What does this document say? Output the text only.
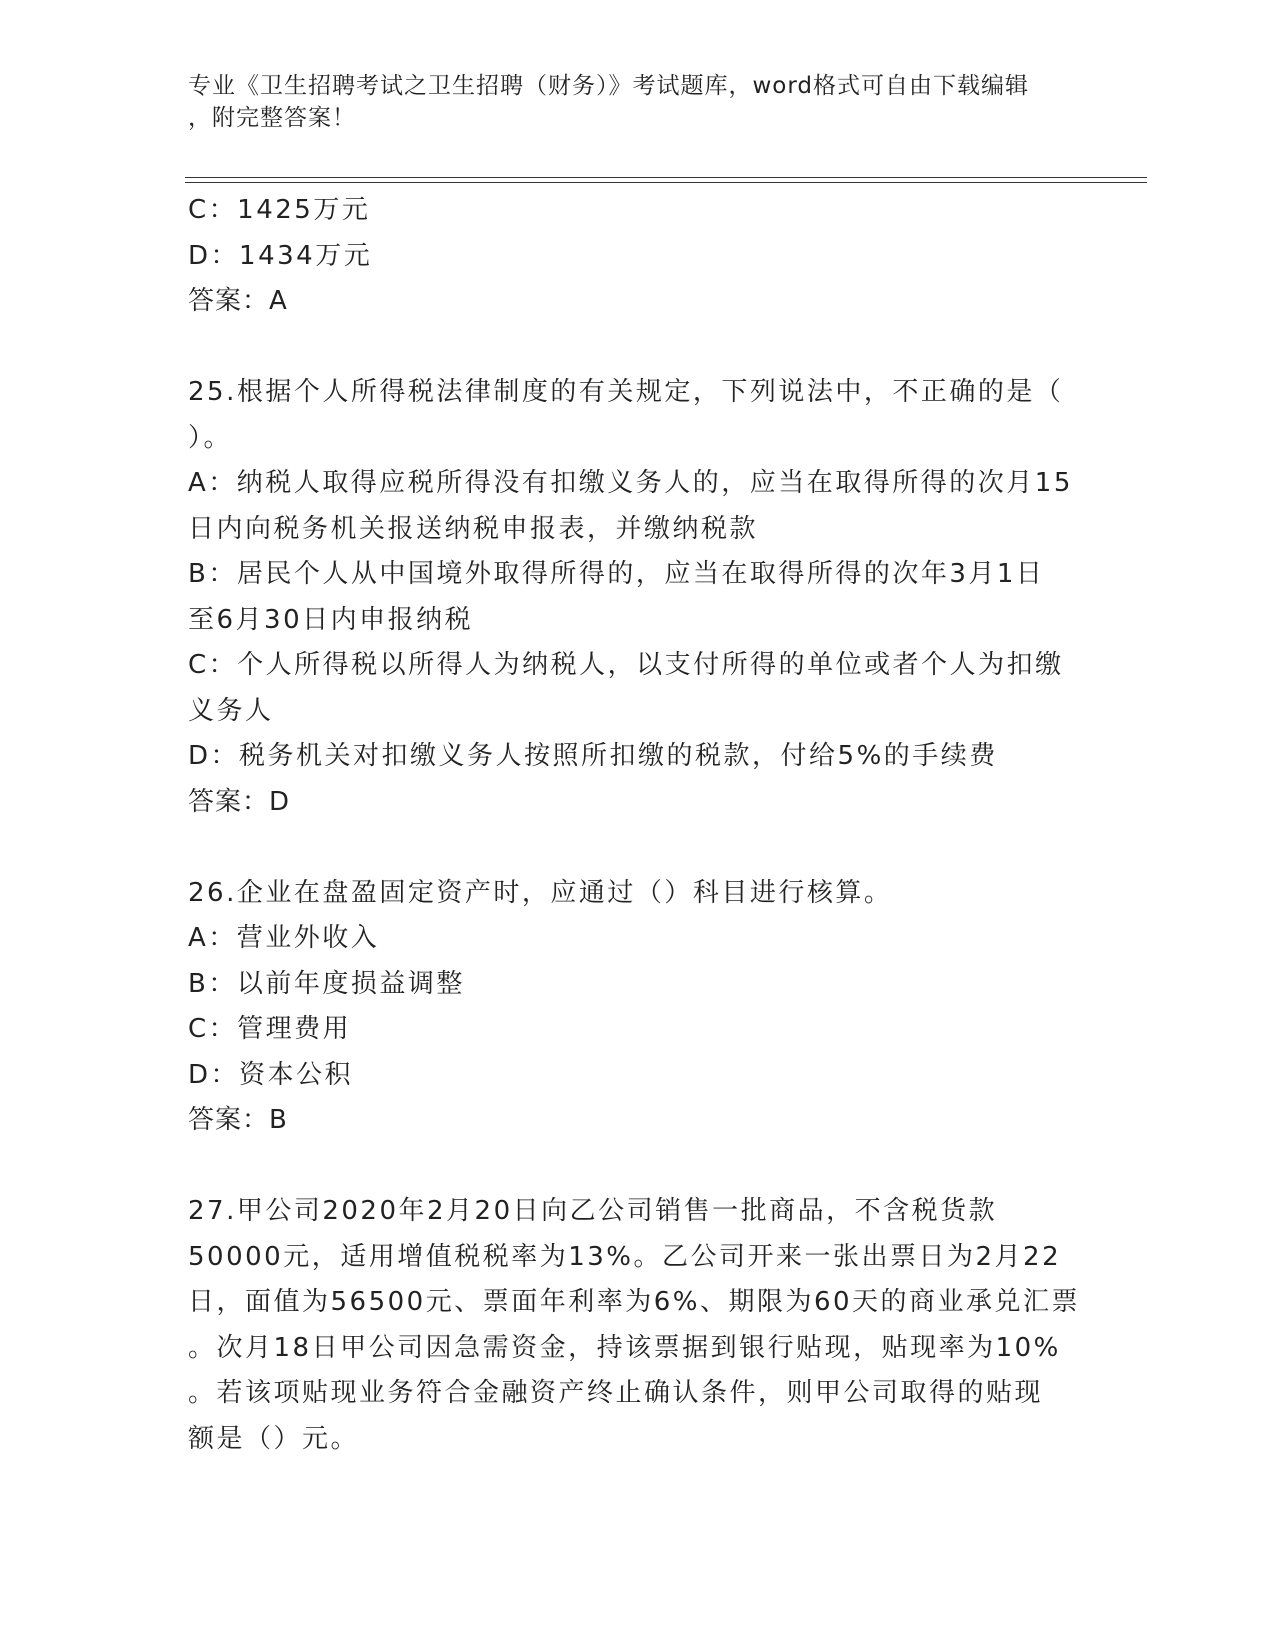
专业《卫生招聘考试之卫生招聘（财务）》考试题库，word格式可自由下载编辑
，附完整答案！
C：1425万元
D：1434万元
答案：A
25.根据个人所得税法律制度的有关规定，下列说法中，不正确的是（
）。
A：纳税人取得应税所得没有扣缴义务人的，应当在取得所得的次月15
日内向税务机关报送纳税申报表，并缴纳税款
B：居民个人从中国境外取得所得的，应当在取得所得的次年3月1日
至6月30日内申报纳税
C：个人所得税以所得人为纳税人，以支付所得的单位或者个人为扣缴
义务人
D：税务机关对扣缴义务人按照所扣缴的税款，付给5%的手续费
答案：D
26.企业在盘盈固定资产时，应通过（）科目进行核算。
A：营业外收入
B：以前年度损益调整
C：管理费用
D：资本公积
答案：B
27.甲公司2020年2月20日向乙公司销售一批商品，不含税货款
50000元，适用增值税税率为13%。乙公司开来一张出票日为2月22
日，面值为56500元、票面年利率为6%、期限为60天的商业承兑汇票
。次月18日甲公司因急需资金，持该票据到银行贴现，贴现率为10%
。若该项贴现业务符合金融资产终止确认条件，则甲公司取得的贴现
额是（）元。
